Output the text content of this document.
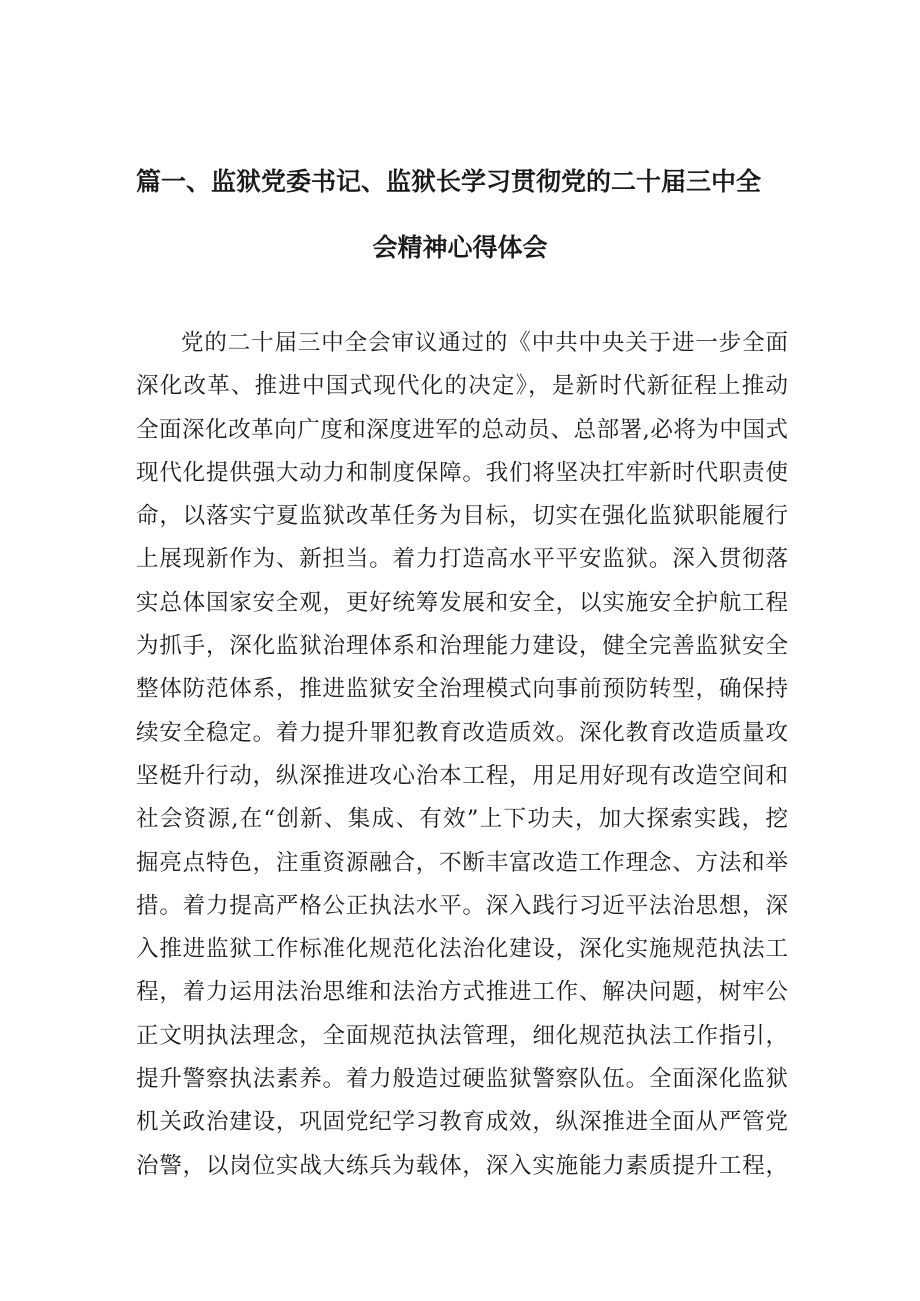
篇一、监狱党委书记、监狱长学习贯彻党的二十届三中全
会精神心得体会
党的二十届三中全会审议通过的《中共中央关于进一步全面
深化改革、推进中国式现代化的决定》，是新时代新征程上推动
全面深化改革向广度和深度进军的总动员、总部署,必将为中国式
现代化提供强大动力和制度保障。我们将坚决扛牢新时代职责使
命，以落实宁夏监狱改革任务为目标，切实在强化监狱职能履行
上展现新作为、新担当。着力打造高水平平安监狱。深入贯彻落
实总体国家安全观，更好统筹发展和安全，以实施安全护航工程
为抓手，深化监狱治理体系和治理能力建设，健全完善监狱安全
整体防范体系，推进监狱安全治理模式向事前预防转型，确保持
续安全稳定。着力提升罪犯教育改造质效。深化教育改造质量攻
坚梃升行动，纵深推进攻心治本工程，用足用好现有改造空间和
社会资源,在“创新、集成、有效”上下功夫，加大探索实践，挖
掘亮点特色，注重资源融合，不断丰富改造工作理念、方法和举
措。着力提高严格公正执法水平。深入践行习近平法治思想，深
入推进监狱工作标准化规范化法治化建设，深化实施规范执法工
程，着力运用法治思维和法治方式推进工作、解决问题，树牢公
正文明执法理念，全面规范执法管理，细化规范执法工作指引，
提升警察执法素养。着力般造过硬监狱警察队伍。全面深化监狱
机关政治建设，巩固党纪学习教育成效，纵深推进全面从严管党
治警，以岗位实战大练兵为载体，深入实施能力素质提升工程，
